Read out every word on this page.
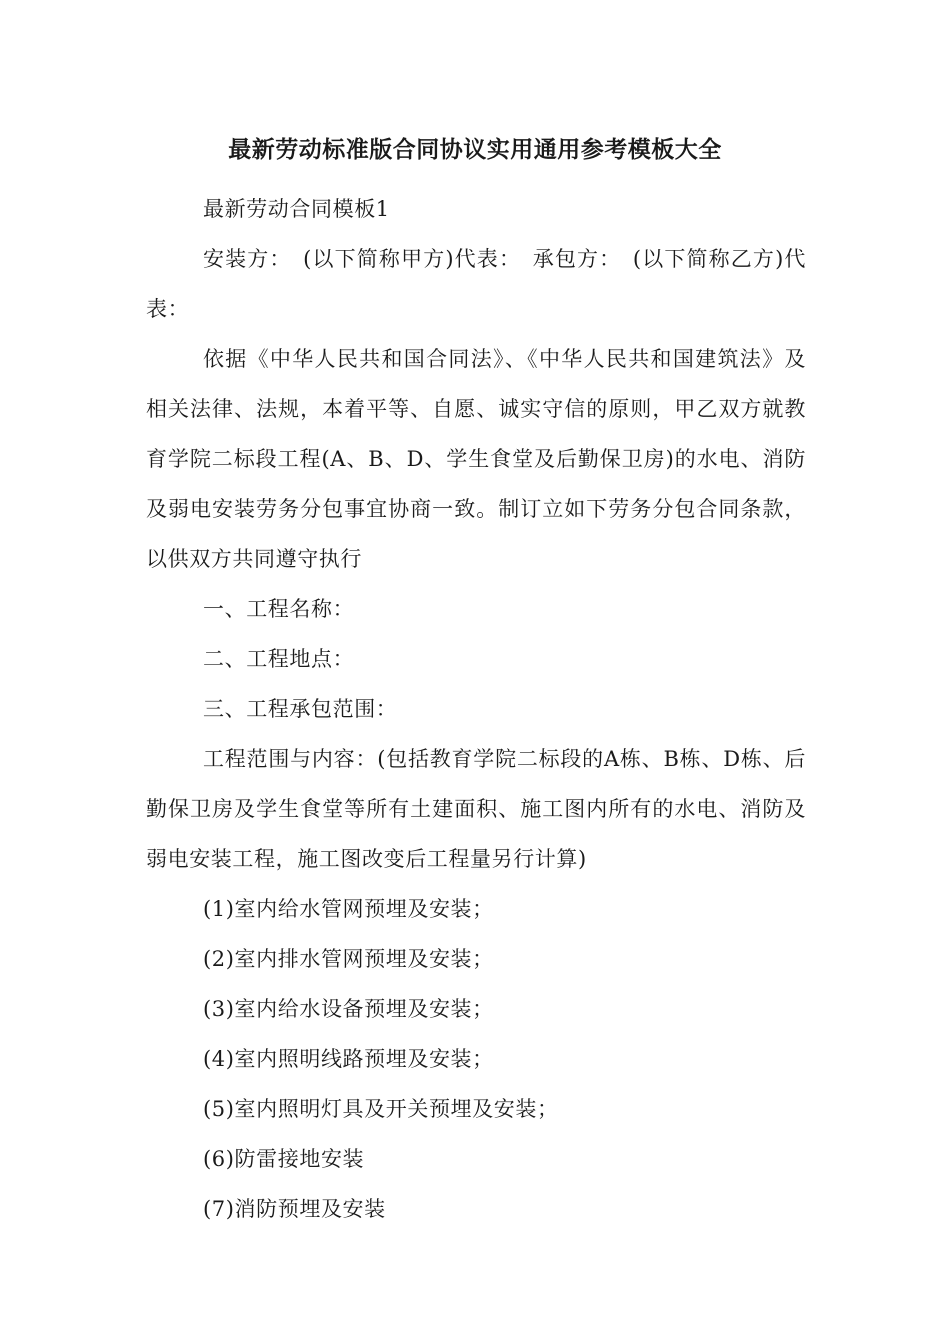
最新劳动标准版合同协议实用通用参考模板大全

最新劳动合同模板1

安装方：　(以下简称甲方)代表：　承包方：　(以下简称乙方)代表：

依据《中华人民共和国合同法》、《中华人民共和国建筑法》及相关法律、法规，本着平等、自愿、诚实守信的原则，甲乙双方就教育学院二标段工程(A、B、D、学生食堂及后勤保卫房)的水电、消防及弱电安装劳务分包事宜协商一致。制订立如下劳务分包合同条款，以供双方共同遵守执行

一、工程名称：

二、工程地点：

三、工程承包范围：

工程范围与内容：(包括教育学院二标段的A栋、B栋、D栋、后勤保卫房及学生食堂等所有土建面积、施工图内所有的水电、消防及弱电安装工程，施工图改变后工程量另行计算)

(1)室内给水管网预埋及安装；

(2)室内排水管网预埋及安装；

(3)室内给水设备预埋及安装；

(4)室内照明线路预埋及安装；

(5)室内照明灯具及开关预埋及安装；

(6)防雷接地安装

(7)消防预埋及安装
